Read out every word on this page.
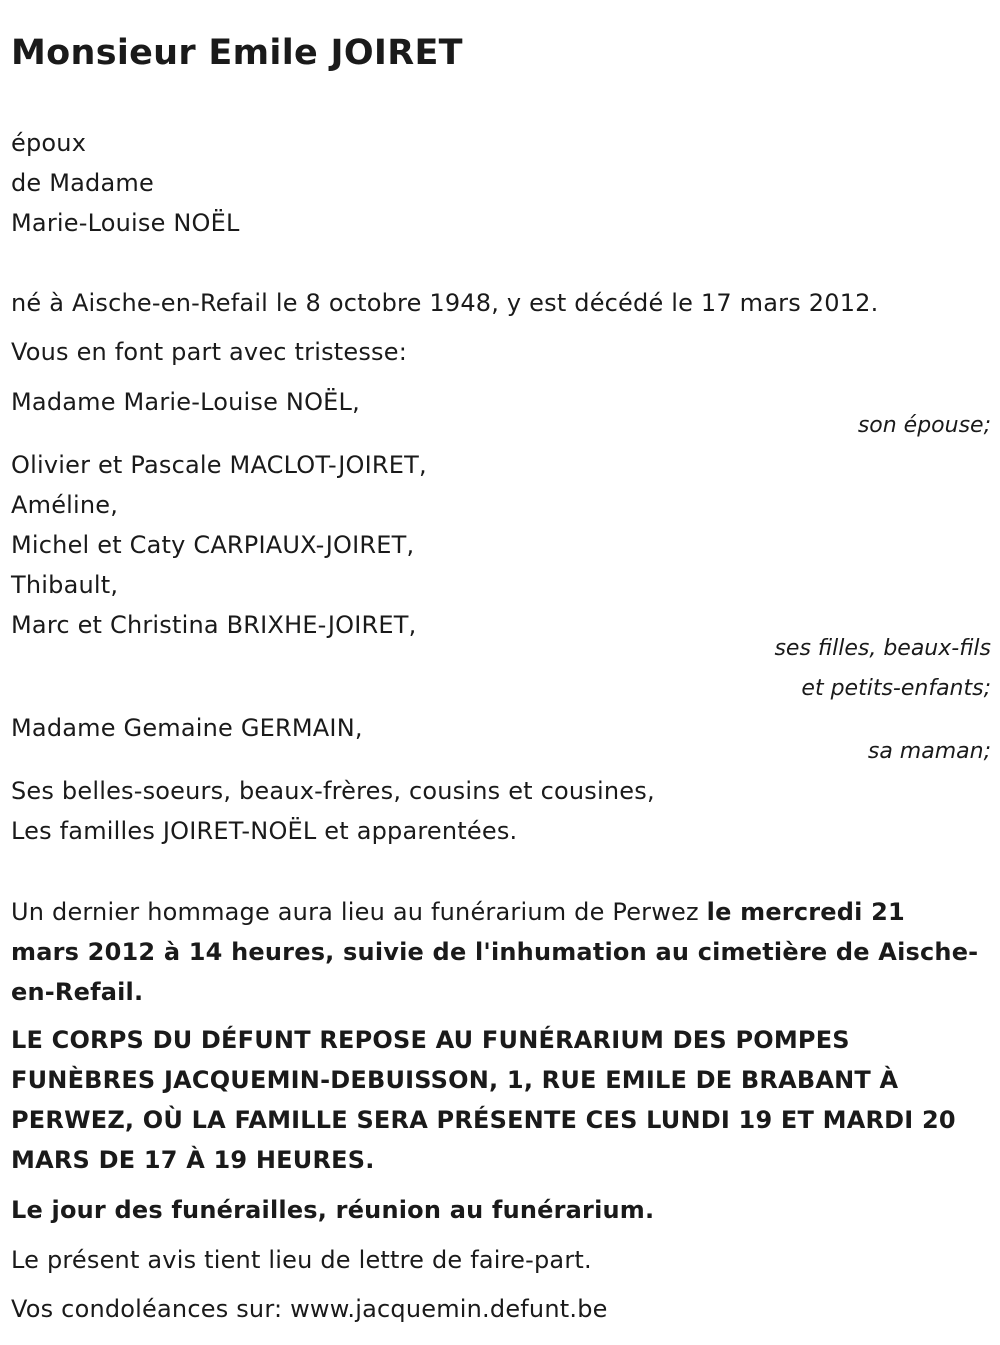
Monsieur Emile JOIRET
époux
de Madame
Marie-Louise NOËL
né à Aische-en-Refail le 8 octobre 1948, y est décédé le 17 mars 2012.
Vous en font part avec tristesse:
Madame Marie-Louise NOËL,
son épouse;
Olivier et Pascale MACLOT-JOIRET,
Améline,
Michel et Caty CARPIAUX-JOIRET,
Thibault,
Marc et Christina BRIXHE-JOIRET,
ses filles, beaux-fils
et petits-enfants;
Madame Gemaine GERMAIN,
sa maman;
Ses belles-soeurs, beaux-frères, cousins et cousines,
Les familles JOIRET-NOËL et apparentées.
Un dernier hommage aura lieu au funérarium de Perwez le mercredi 21 mars 2012 à 14 heures, suivie de l'inhumation au cimetière de Aische-en-Refail.
LE CORPS DU DÉFUNT REPOSE AU FUNÉRARIUM DES POMPES FUNÈBRES JACQUEMIN-DEBUISSON, 1, RUE EMILE DE BRABANT À PERWEZ, OÙ LA FAMILLE SERA PRÉSENTE CES LUNDI 19 ET MARDI 20 MARS DE 17 À 19 HEURES.
Le jour des funérailles, réunion au funérarium.
Le présent avis tient lieu de lettre de faire-part.
Vos condoléances sur: www.jacquemin.defunt.be
